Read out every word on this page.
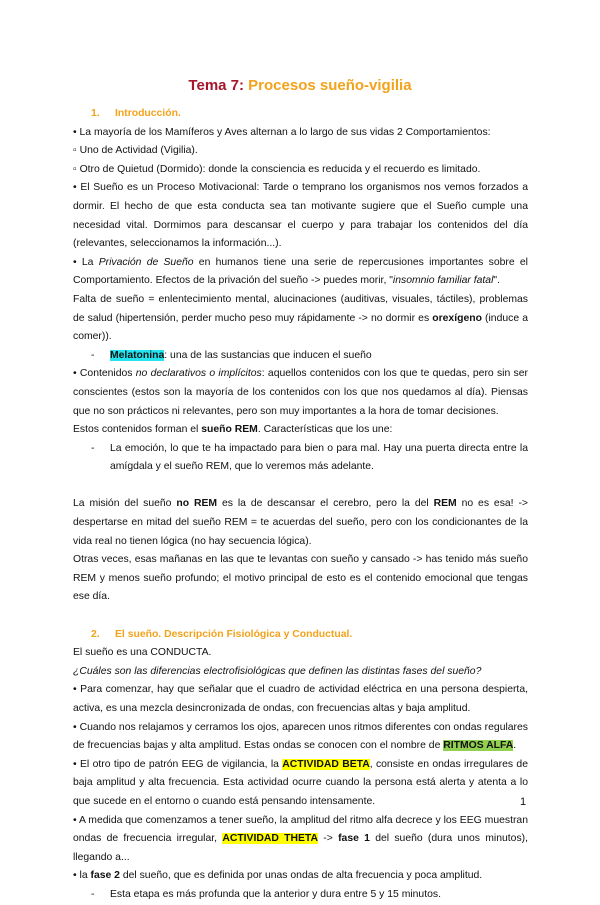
Tema 7: Procesos sueño-vigilia

1. Introducción.

• La mayoría de los Mamíferos y Aves alternan a lo largo de sus vidas 2 Comportamientos:

▫ Uno de Actividad (Vigilia).

▫ Otro de Quietud (Dormido): donde la consciencia es reducida y el recuerdo es limitado.

• El Sueño es un Proceso Motivacional: Tarde o temprano los organismos nos vemos forzados a dormir. El hecho de que esta conducta sea tan motivante sugiere que el Sueño cumple una necesidad vital. Dormimos para descansar el cuerpo y para trabajar los contenidos del día (relevantes, seleccionamos la información...).

• La Privación de Sueño en humanos tiene una serie de repercusiones importantes sobre el Comportamiento. Efectos de la privación del sueño -> puedes morir, "insomnio familiar fatal".

Falta de sueño = enlentecimiento mental, alucinaciones (auditivas, visuales, táctiles), problemas de salud (hipertensión, perder mucho peso muy rápidamente -> no dormir es orexígeno (induce a comer)).

- Melatonina: una de las sustancias que inducen el sueño

• Contenidos no declarativos o implícitos: aquellos contenidos con los que te quedas, pero sin ser conscientes (estos son la mayoría de los contenidos con los que nos quedamos al día). Piensas que no son prácticos ni relevantes, pero son muy importantes a la hora de tomar decisiones.

Estos contenidos forman el sueño REM. Características que los une:

- La emoción, lo que te ha impactado para bien o para mal. Hay una puerta directa entre la amígdala y el sueño REM, que lo veremos más adelante.

La misión del sueño no REM es la de descansar el cerebro, pero la del REM no es esa! -> despertarse en mitad del sueño REM = te acuerdas del sueño, pero con los condicionantes de la vida real no tienen lógica (no hay secuencia lógica).

Otras veces, esas mañanas en las que te levantas con sueño y cansado -> has tenido más sueño REM y menos sueño profundo; el motivo principal de esto es el contenido emocional que tengas ese día.

2. El sueño. Descripción Fisiológica y Conductual.

El sueño es una CONDUCTA.

¿Cuáles son las diferencias electrofisiológicas que definen las distintas fases del sueño?

• Para comenzar, hay que señalar que el cuadro de actividad eléctrica en una persona despierta, activa, es una mezcla desincronizada de ondas, con frecuencias altas y baja amplitud.

• Cuando nos relajamos y cerramos los ojos, aparecen unos ritmos diferentes con ondas regulares de frecuencias bajas y alta amplitud. Estas ondas se conocen con el nombre de RITMOS ALFA.

• El otro tipo de patrón EEG de vigilancia, la ACTIVIDAD BETA, consiste en ondas irregulares de baja amplitud y alta frecuencia. Esta actividad ocurre cuando la persona está alerta y atenta a lo que sucede en el entorno o cuando está pensando intensamente.

• A medida que comenzamos a tener sueño, la amplitud del ritmo alfa decrece y los EEG muestran ondas de frecuencia irregular, ACTIVIDAD THETA -> fase 1 del sueño (dura unos minutos), llegando a...

• la fase 2 del sueño, que es definida por unas ondas de alta frecuencia y poca amplitud.

- Esta etapa es más profunda que la anterior y dura entre 5 y 15 minutos.

1
